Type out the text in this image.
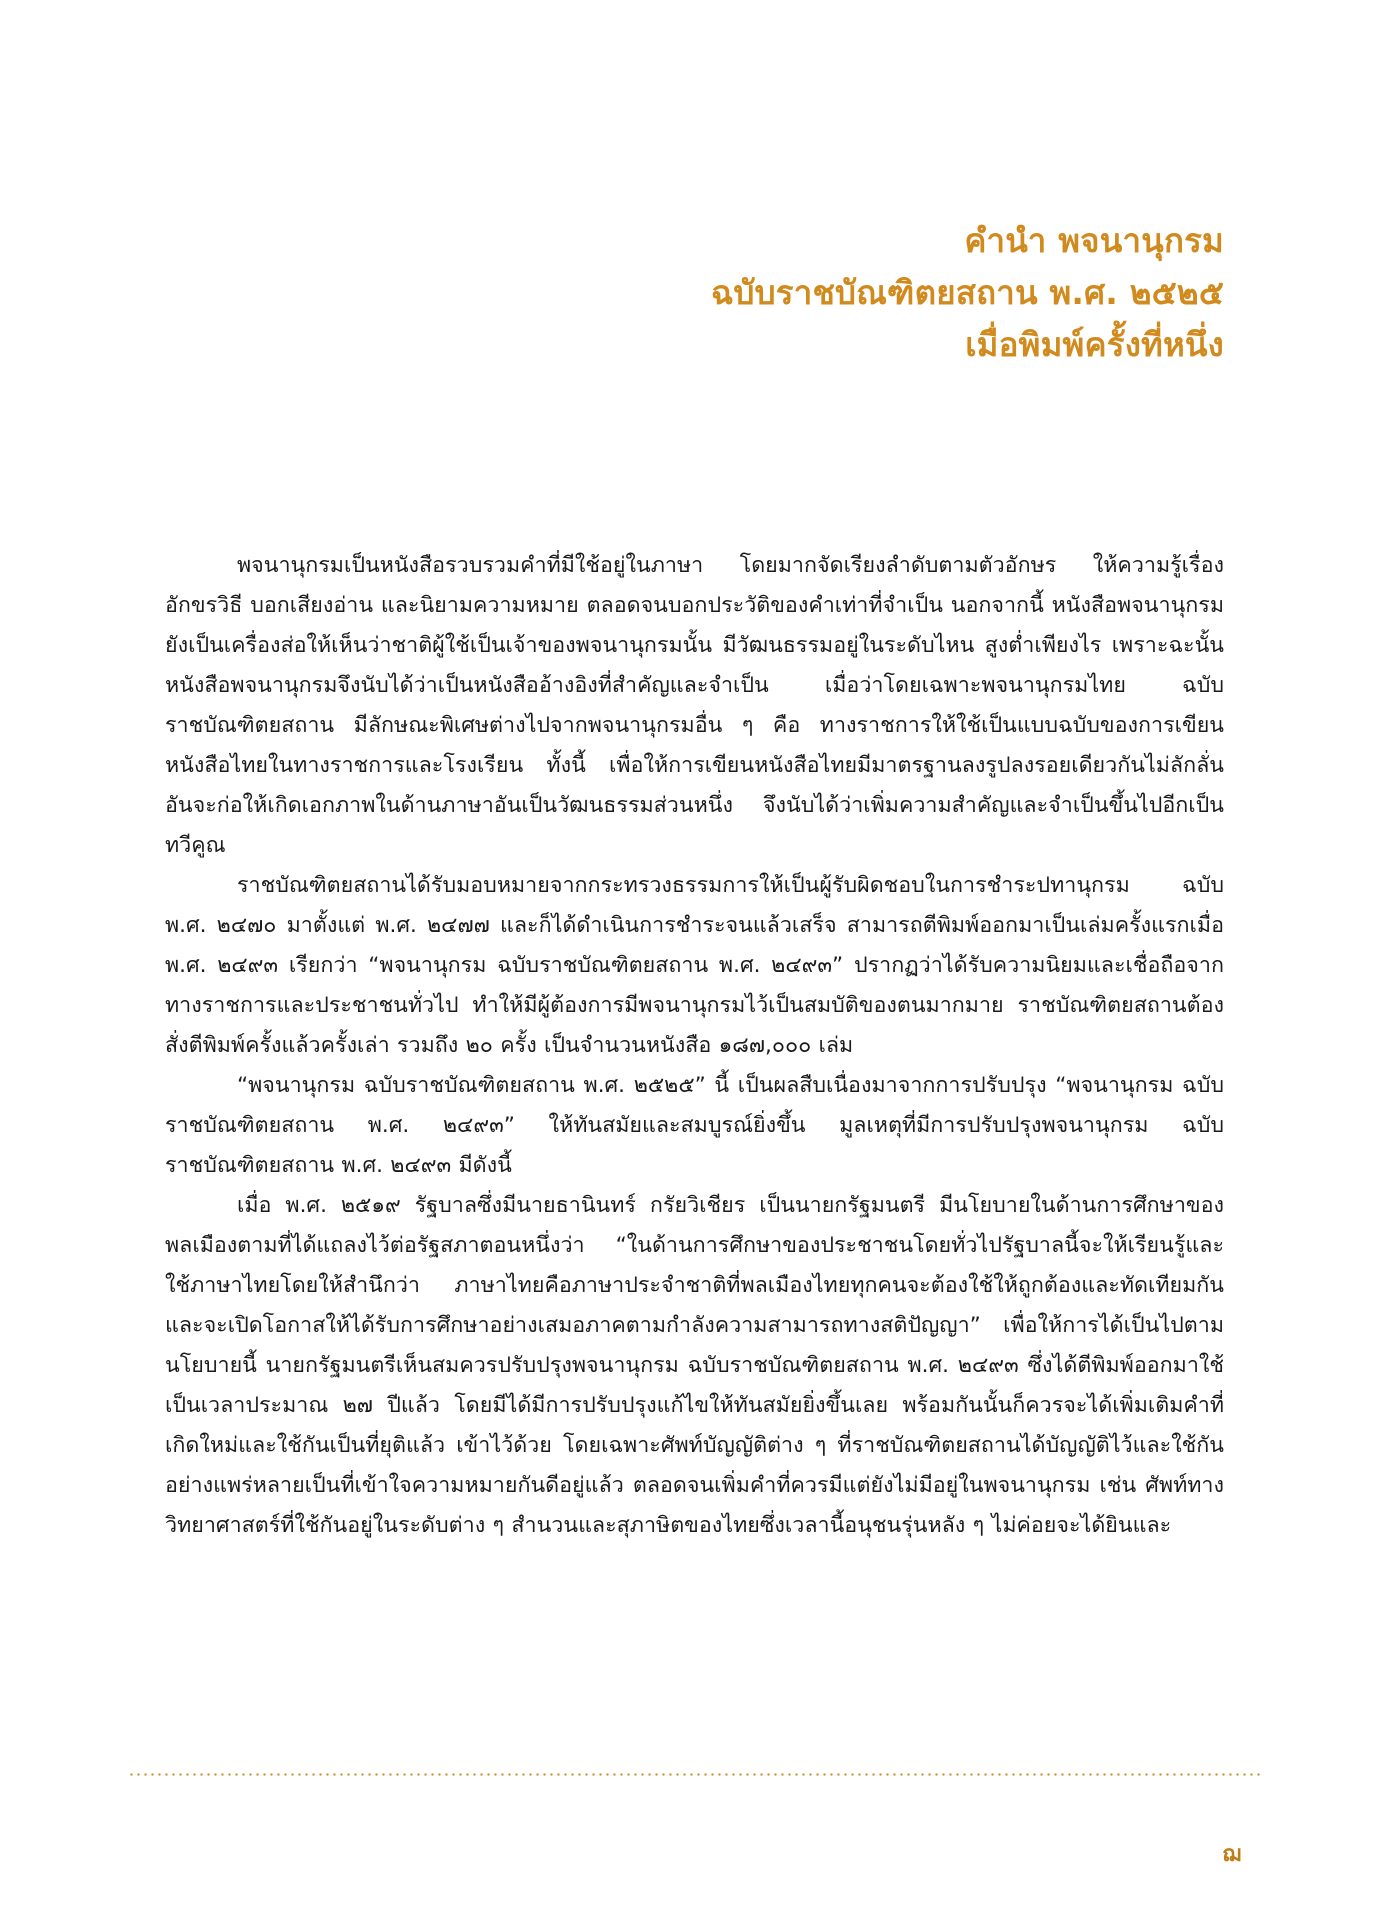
คำนำ พจนานุกรม
ฉบับราชบัณฑิตยสถาน พ.ศ. ๒๕๒๕
เมื่อพิมพ์ครั้งที่หนึ่ง

พจนานุกรมเป็นหนังสือรวบรวมคำที่มีใช้อยู่ในภาษา โดยมากจัดเรียงลำดับตามตัวอักษร ให้ความรู้เรื่องอักขรวิธี บอกเสียงอ่าน และนิยามความหมาย ตลอดจนบอกประวัติของคำเท่าที่จำเป็น นอกจากนี้ หนังสือพจนานุกรมยังเป็นเครื่องส่อให้เห็นว่าชาติผู้ใช้เป็นเจ้าของพจนานุกรมนั้น มีวัฒนธรรมอยู่ในระดับไหน สูงต่ำเพียงไร เพราะฉะนั้น หนังสือพจนานุกรมจึงนับได้ว่าเป็นหนังสืออ้างอิงที่สำคัญและจำเป็น เมื่อว่าโดยเฉพาะพจนานุกรมไทย ฉบับราชบัณฑิตยสถาน มีลักษณะพิเศษต่างไปจากพจนานุกรมอื่น ๆ คือ ทางราชการให้ใช้เป็นแบบฉบับของการเขียนหนังสือไทยในทางราชการและโรงเรียน ทั้งนี้ เพื่อให้การเขียนหนังสือไทยมีมาตรฐานลงรูปลงรอยเดียวกันไม่ลักลั่น อันจะก่อให้เกิดเอกภาพในด้านภาษาอันเป็นวัฒนธรรมส่วนหนึ่ง จึงนับได้ว่าเพิ่มความสำคัญและจำเป็นขึ้นไปอีกเป็นทวีคูณ

ราชบัณฑิตยสถานได้รับมอบหมายจากกระทรวงธรรมการให้เป็นผู้รับผิดชอบในการชำระปทานุกรม ฉบับ พ.ศ. ๒๔๗๐ มาตั้งแต่ พ.ศ. ๒๔๗๗ และก็ได้ดำเนินการชำระจนแล้วเสร็จ สามารถตีพิมพ์ออกมาเป็นเล่มครั้งแรกเมื่อ พ.ศ. ๒๔๙๓ เรียกว่า “พจนานุกรม ฉบับราชบัณฑิตยสถาน พ.ศ. ๒๔๙๓” ปรากฏว่าได้รับความนิยมและเชื่อถือจากทางราชการและประชาชนทั่วไป ทำให้มีผู้ต้องการมีพจนานุกรมไว้เป็นสมบัติของตนมากมาย ราชบัณฑิตยสถานต้องสั่งตีพิมพ์ครั้งแล้วครั้งเล่า รวมถึง ๒๐ ครั้ง เป็นจำนวนหนังสือ ๑๘๗,๐๐๐ เล่ม

“พจนานุกรม ฉบับราชบัณฑิตยสถาน พ.ศ. ๒๕๒๕” นี้ เป็นผลสืบเนื่องมาจากการปรับปรุง “พจนานุกรม ฉบับราชบัณฑิตยสถาน พ.ศ. ๒๔๙๓” ให้ทันสมัยและสมบูรณ์ยิ่งขึ้น มูลเหตุที่มีการปรับปรุงพจนานุกรม ฉบับราชบัณฑิตยสถาน พ.ศ. ๒๔๙๓ มีดังนี้

เมื่อ พ.ศ. ๒๕๑๙ รัฐบาลซึ่งมีนายธานินทร์ กรัยวิเชียร เป็นนายกรัฐมนตรี มีนโยบายในด้านการศึกษาของพลเมืองตามที่ได้แถลงไว้ต่อรัฐสภาตอนหนึ่งว่า “ในด้านการศึกษาของประชาชนโดยทั่วไปรัฐบาลนี้จะให้เรียนรู้และใช้ภาษาไทยโดยให้สำนึกว่า ภาษาไทยคือภาษาประจำชาติที่พลเมืองไทยทุกคนจะต้องใช้ให้ถูกต้องและทัดเทียมกัน และจะเปิดโอกาสให้ได้รับการศึกษาอย่างเสมอภาคตามกำลังความสามารถทางสติปัญญา” เพื่อให้การได้เป็นไปตามนโยบายนี้ นายกรัฐมนตรีเห็นสมควรปรับปรุงพจนานุกรม ฉบับราชบัณฑิตยสถาน พ.ศ. ๒๔๙๓ ซึ่งได้ตีพิมพ์ออกมาใช้เป็นเวลาประมาณ ๒๗ ปีแล้ว โดยมีได้มีการปรับปรุงแก้ไขให้ทันสมัยยิ่งขึ้นเลย พร้อมกันนั้นก็ควรจะได้เพิ่มเติมคำที่เกิดใหม่และใช้กันเป็นที่ยุติแล้ว เข้าไว้ด้วย โดยเฉพาะศัพท์บัญญัติต่าง ๆ ที่ราชบัณฑิตยสถานได้บัญญัติไว้และใช้กันอย่างแพร่หลายเป็นที่เข้าใจความหมายกันดีอยู่แล้ว ตลอดจนเพิ่มคำที่ควรมีแต่ยังไม่มีอยู่ในพจนานุกรม เช่น ศัพท์ทางวิทยาศาสตร์ที่ใช้กันอยู่ในระดับต่าง ๆ สำนวนและสุภาษิตของไทยซึ่งเวลานี้อนุชนรุ่นหลัง ๆ ไม่ค่อยจะได้ยินและ

ฌ
